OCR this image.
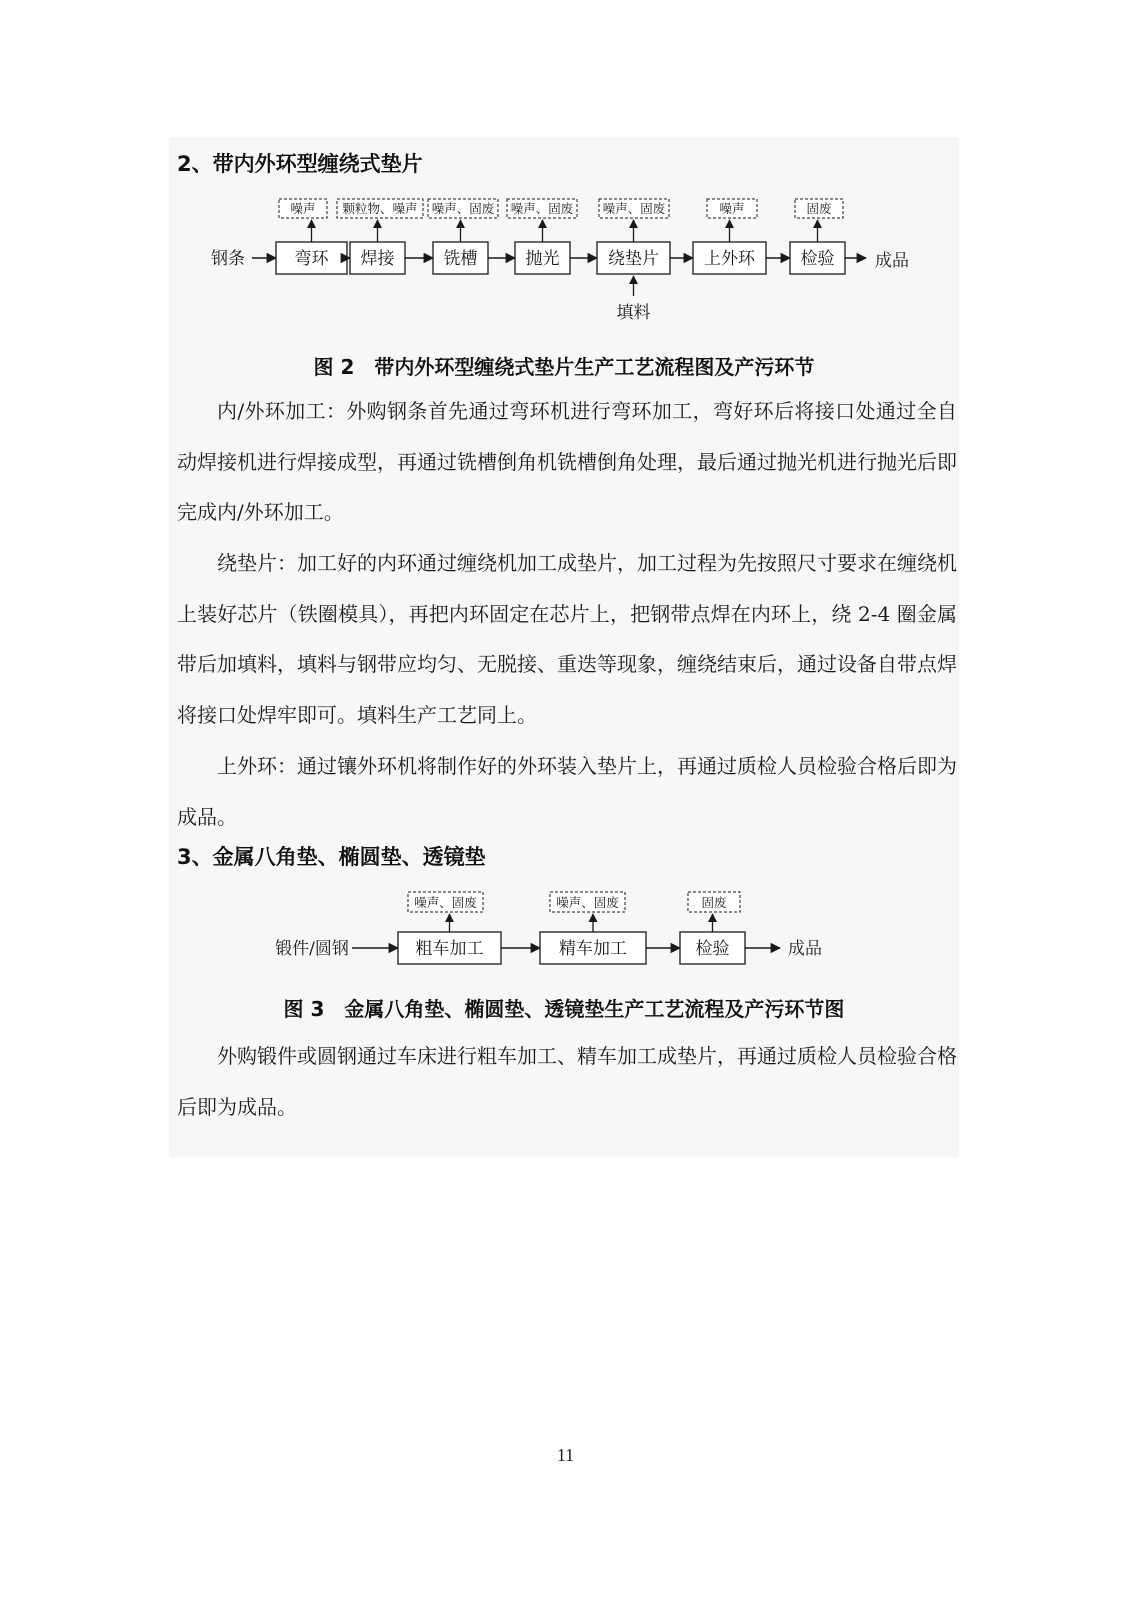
2、带内外环型缠绕式垫片
钢条	弯环
噪声
焊接
颗粒物、噪声
铣槽
噪声、固废
抛光
噪声、固废
绕垫片
噪声、固废
上外环
噪声
检验
固废
成品
填料
图 2　带内外环型缠绕式垫片生产工艺流程图及产污环节

内/外环加工：外购钢条首先通过弯环机进行弯环加工，弯好环后将接口处通过全自动焊接机进行焊接成型，再通过铣槽倒角机铣槽倒角处理，最后通过抛光机进行抛光后即完成内/外环加工。

绕垫片：加工好的内环通过缠绕机加工成垫片，加工过程为先按照尺寸要求在缠绕机上装好芯片（铁圈模具），再把内环固定在芯片上，把钢带点焊在内环上，绕 2-4 圈金属带后加填料，填料与钢带应均匀、无脱接、重迭等现象，缠绕结束后，通过设备自带点焊将接口处焊牢即可。填料生产工艺同上。

上外环：通过镶外环机将制作好的外环装入垫片上，再通过质检人员检验合格后即为成品。

3、金属八角垫、椭圆垫、透镜垫
锻件/圆钢	粗车加工
噪声、固废
精车加工
噪声、固废
检验
固废
成品
图 3　金属八角垫、椭圆垫、透镜垫生产工艺流程及产污环节图

外购锻件或圆钢通过车床进行粗车加工、精车加工成垫片，再通过质检人员检验合格后即为成品。

11
